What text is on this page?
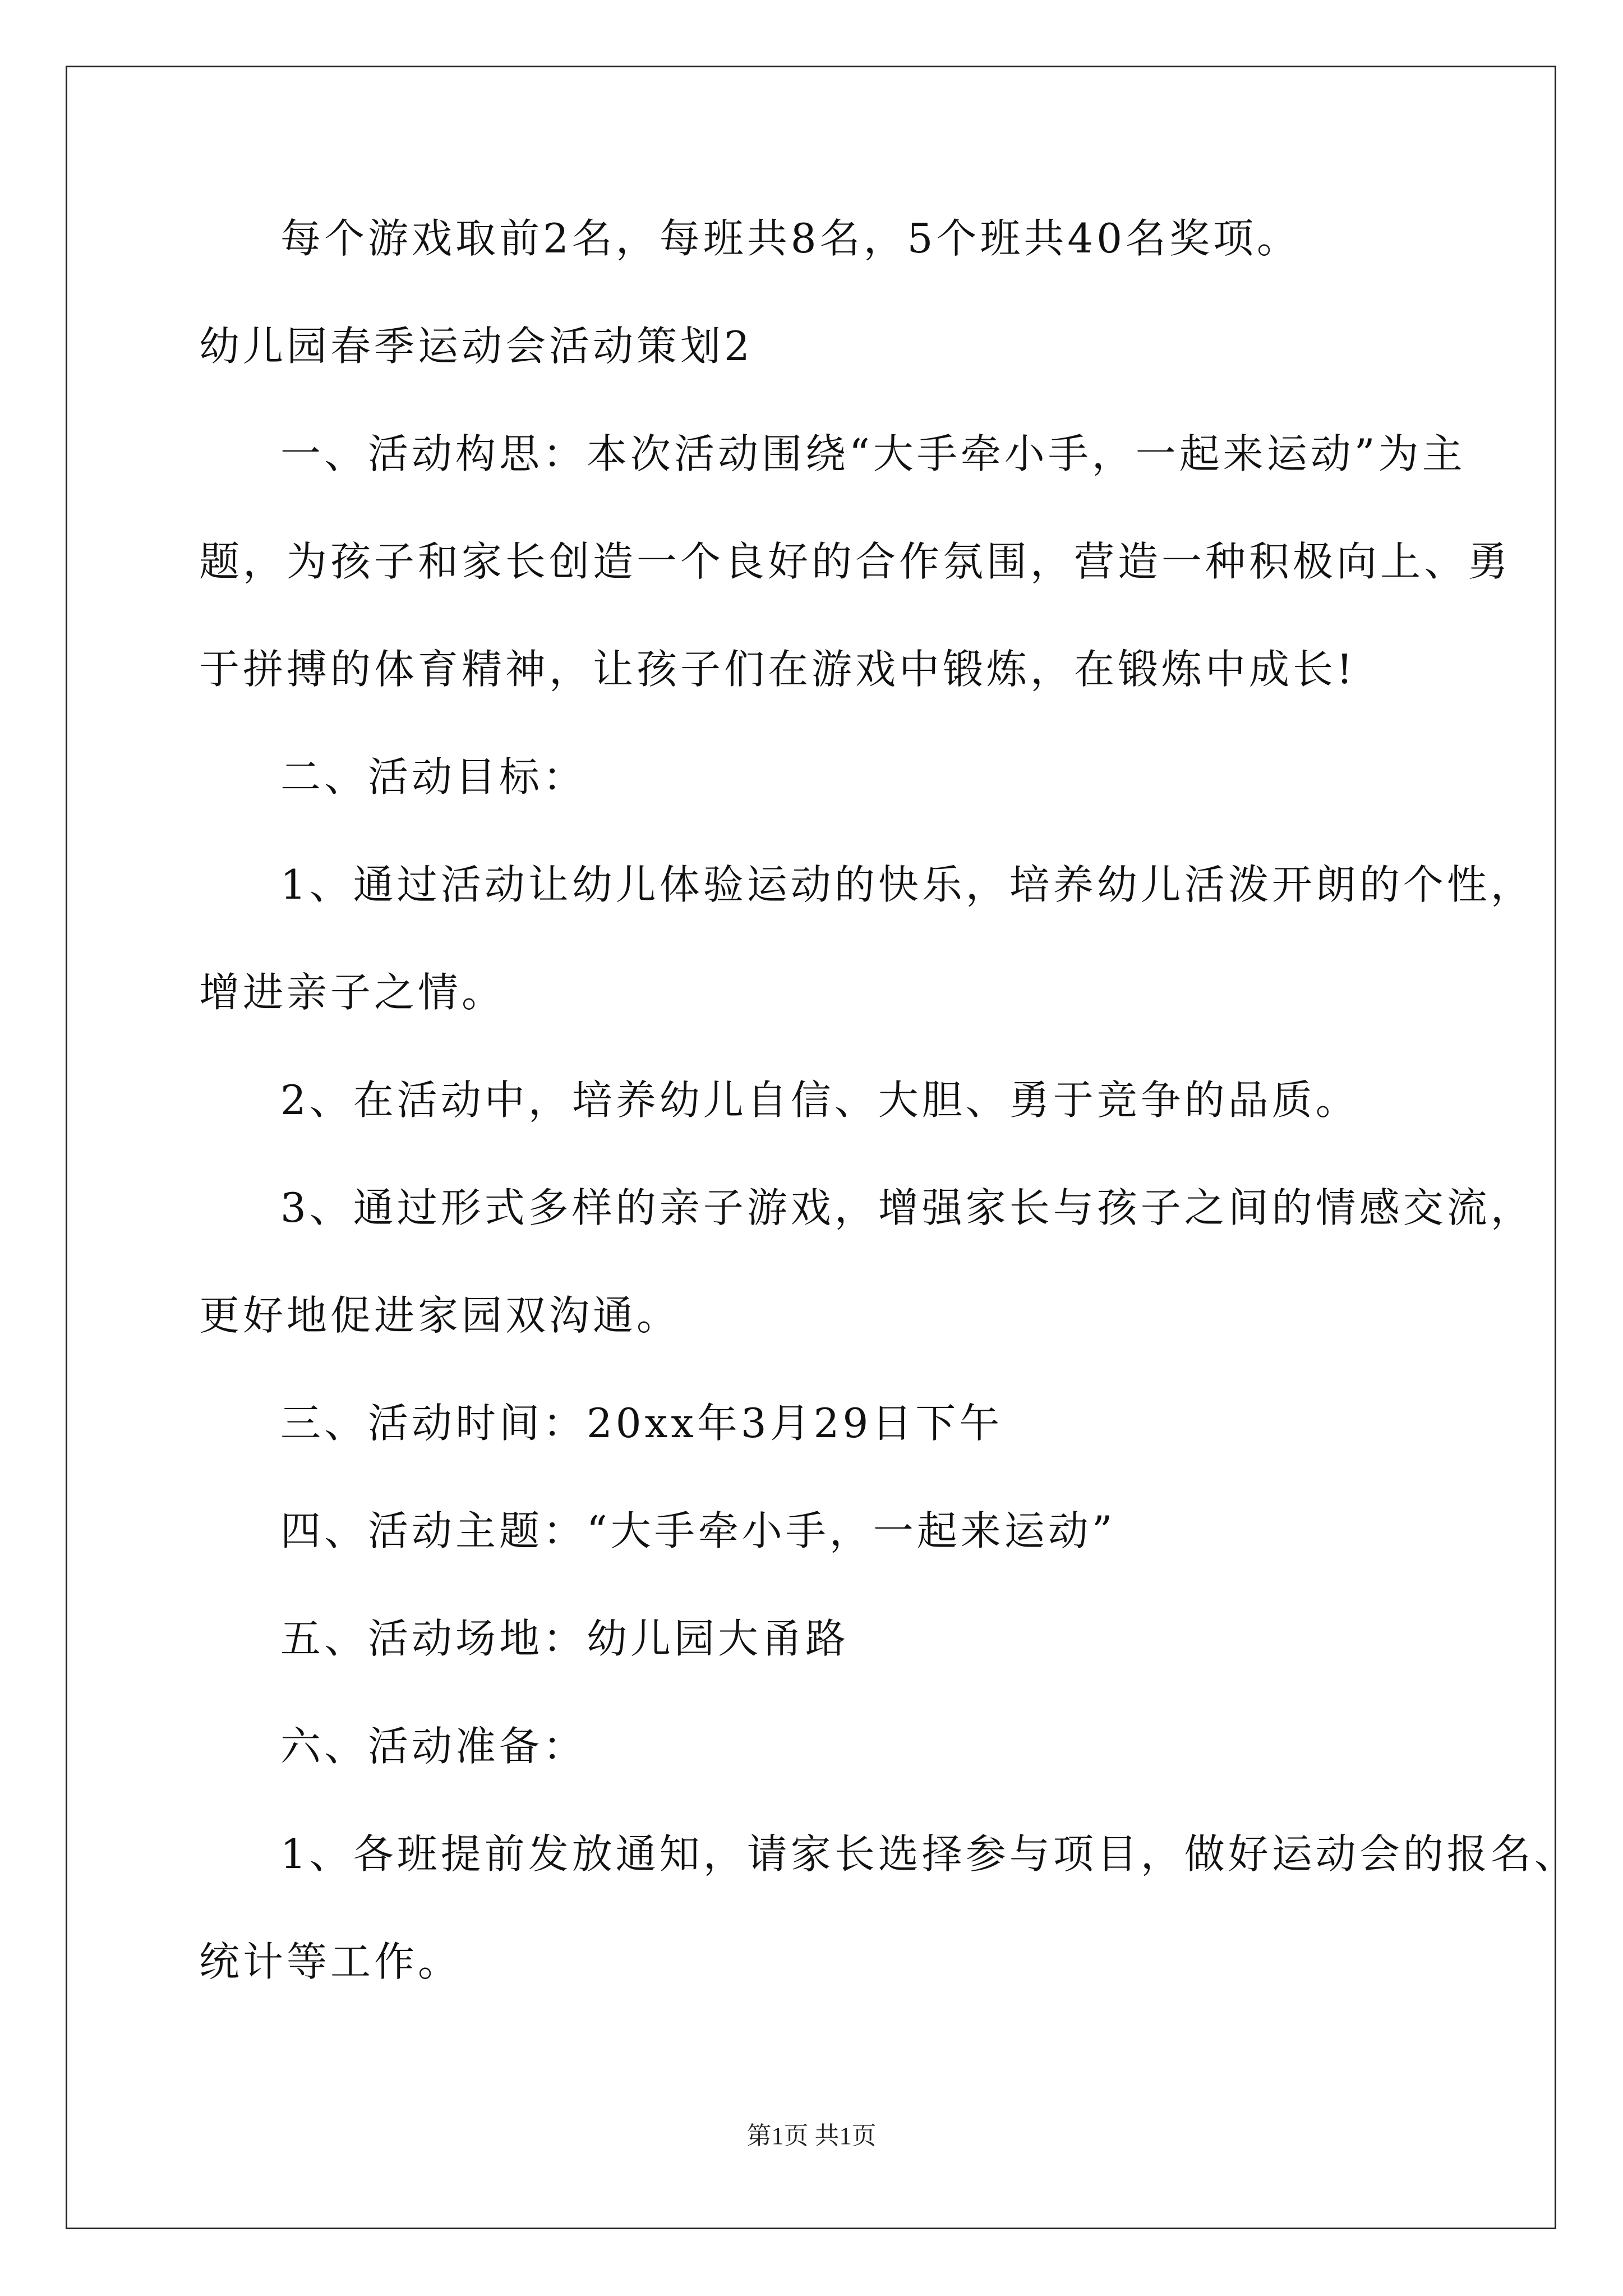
每个游戏取前2名，每班共8名，5个班共40名奖项。
幼儿园春季运动会活动策划2
一、活动构思：本次活动围绕“大手牵小手，一起来运动”为主
题，为孩子和家长创造一个良好的合作氛围，营造一种积极向上、勇
于拼搏的体育精神，让孩子们在游戏中锻炼，在锻炼中成长!
二、活动目标：
1、通过活动让幼儿体验运动的快乐，培养幼儿活泼开朗的个性，
增进亲子之情。
2、在活动中，培养幼儿自信、大胆、勇于竞争的品质。
3、通过形式多样的亲子游戏，增强家长与孩子之间的情感交流，
更好地促进家园双沟通。
三、活动时间：20xx年3月29日下午
四、活动主题：“大手牵小手，一起来运动”
五、活动场地：幼儿园大甬路
六、活动准备：
1、各班提前发放通知，请家长选择参与项目，做好运动会的报名、
统计等工作。
第1页 共1页
